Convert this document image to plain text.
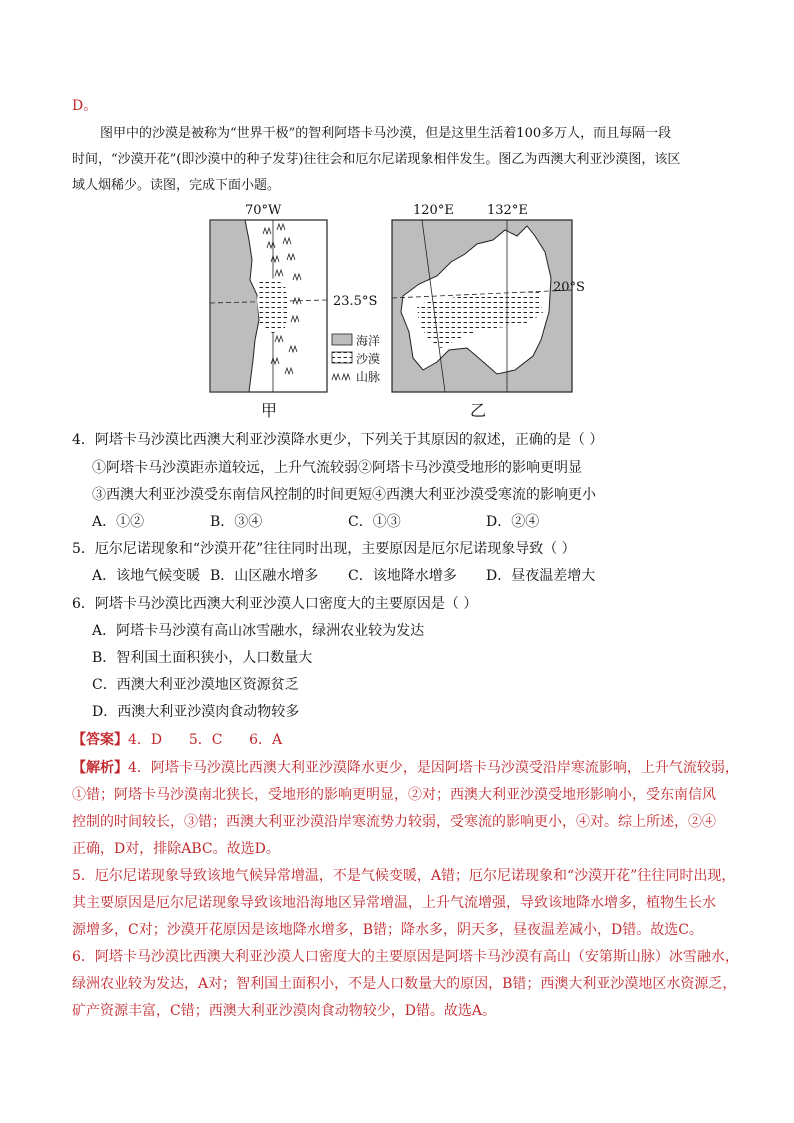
D。
图甲中的沙漠是被称为“世界干极”的智利阿塔卡马沙漠，但是这里生活着100多万人，而且每隔一段
时间，“沙漠开花”(即沙漠中的种子发芽)往往会和厄尔尼诺现象相伴发生。图乙为西澳大利亚沙漠图，该区
域人烟稀少。读图，完成下面小题。
70°W
23.5°S
120°E	132°E
20°S
海洋
沙漠
山脉
甲	乙
4．阿塔卡马沙漠比西澳大利亚沙漠降水更少，下列关于其原因的叙述，正确的是（ ）
①阿塔卡马沙漠距赤道较远，上升气流较弱②阿塔卡马沙漠受地形的影响更明显
③西澳大利亚沙漠受东南信风控制的时间更短④西澳大利亚沙漠受寒流的影响更小
A．①②	B．③④	C．①③	D．②④
5．厄尔尼诺现象和“沙漠开花”往往同时出现，主要原因是厄尔尼诺现象导致（ ）
A．该地气候变暖 B．山区融水增多 C．该地降水增多 D．昼夜温差增大
6．阿塔卡马沙漠比西澳大利亚沙漠人口密度大的主要原因是（ ）
A．阿塔卡马沙漠有高山冰雪融水，绿洲农业较为发达
B．智利国土面积狭小，人口数量大
C．西澳大利亚沙漠地区资源贫乏
D．西澳大利亚沙漠肉食动物较多
【答案】4．D      5．C      6．A
【解析】4．阿塔卡马沙漠比西澳大利亚沙漠降水更少，是因阿塔卡马沙漠受沿岸寒流影响，上升气流较弱，
①错；阿塔卡马沙漠南北狭长，受地形的影响更明显，②对；西澳大利亚沙漠受地形影响小，受东南信风
控制的时间较长，③错；西澳大利亚沙漠沿岸寒流势力较弱，受寒流的影响更小，④对。综上所述，②④
正确，D对，排除ABC。故选D。
5．厄尔尼诺现象导致该地气候异常增温，不是气候变暖，A错；厄尔尼诺现象和“沙漠开花”往往同时出现，
其主要原因是厄尔尼诺现象导致该地沿海地区异常增温，上升气流增强，导致该地降水增多，植物生长水
源增多，C对；沙漠开花原因是该地降水增多，B错；降水多，阴天多，昼夜温差减小，D错。故选C。
6．阿塔卡马沙漠比西澳大利亚沙漠人口密度大的主要原因是阿塔卡马沙漠有高山（安第斯山脉）冰雪融水，
绿洲农业较为发达，A对；智利国土面积小，不是人口数量大的原因，B错；西澳大利亚沙漠地区水资源乏，
矿产资源丰富，C错；西澳大利亚沙漠肉食动物较少，D错。故选A。
